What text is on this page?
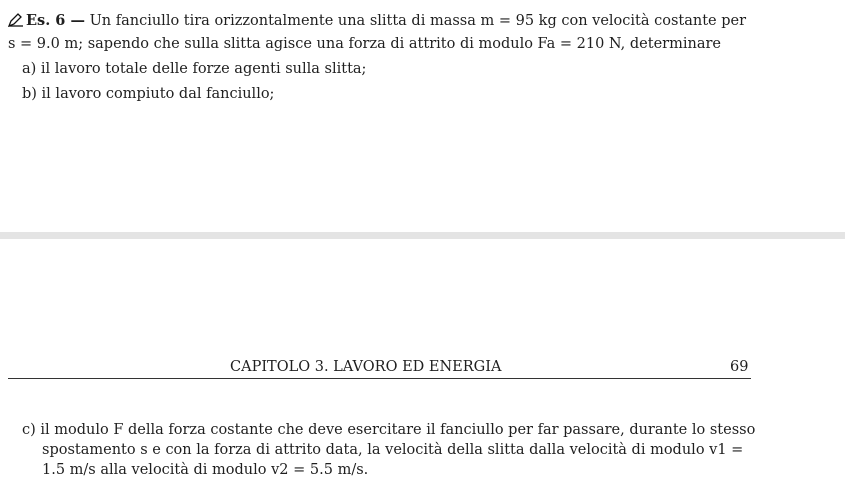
Es. 6 — Un fanciullo tira orizzontalmente una slitta di massa m = 95 kg con velocità costante per
s = 9.0 m; sapendo che sulla slitta agisce una forza di attrito di modulo Fa = 210 N, determinare
a) il lavoro totale delle forze agenti sulla slitta;
b) il lavoro compiuto dal fanciullo;
CAPITOLO 3. LAVORO ED ENERGIA	69
c) il modulo F della forza costante che deve esercitare il fanciullo per far passare, durante lo stesso
spostamento s e con la forza di attrito data, la velocità della slitta dalla velocità di modulo v1 =
1.5 m/s alla velocità di modulo v2 = 5.5 m/s.
